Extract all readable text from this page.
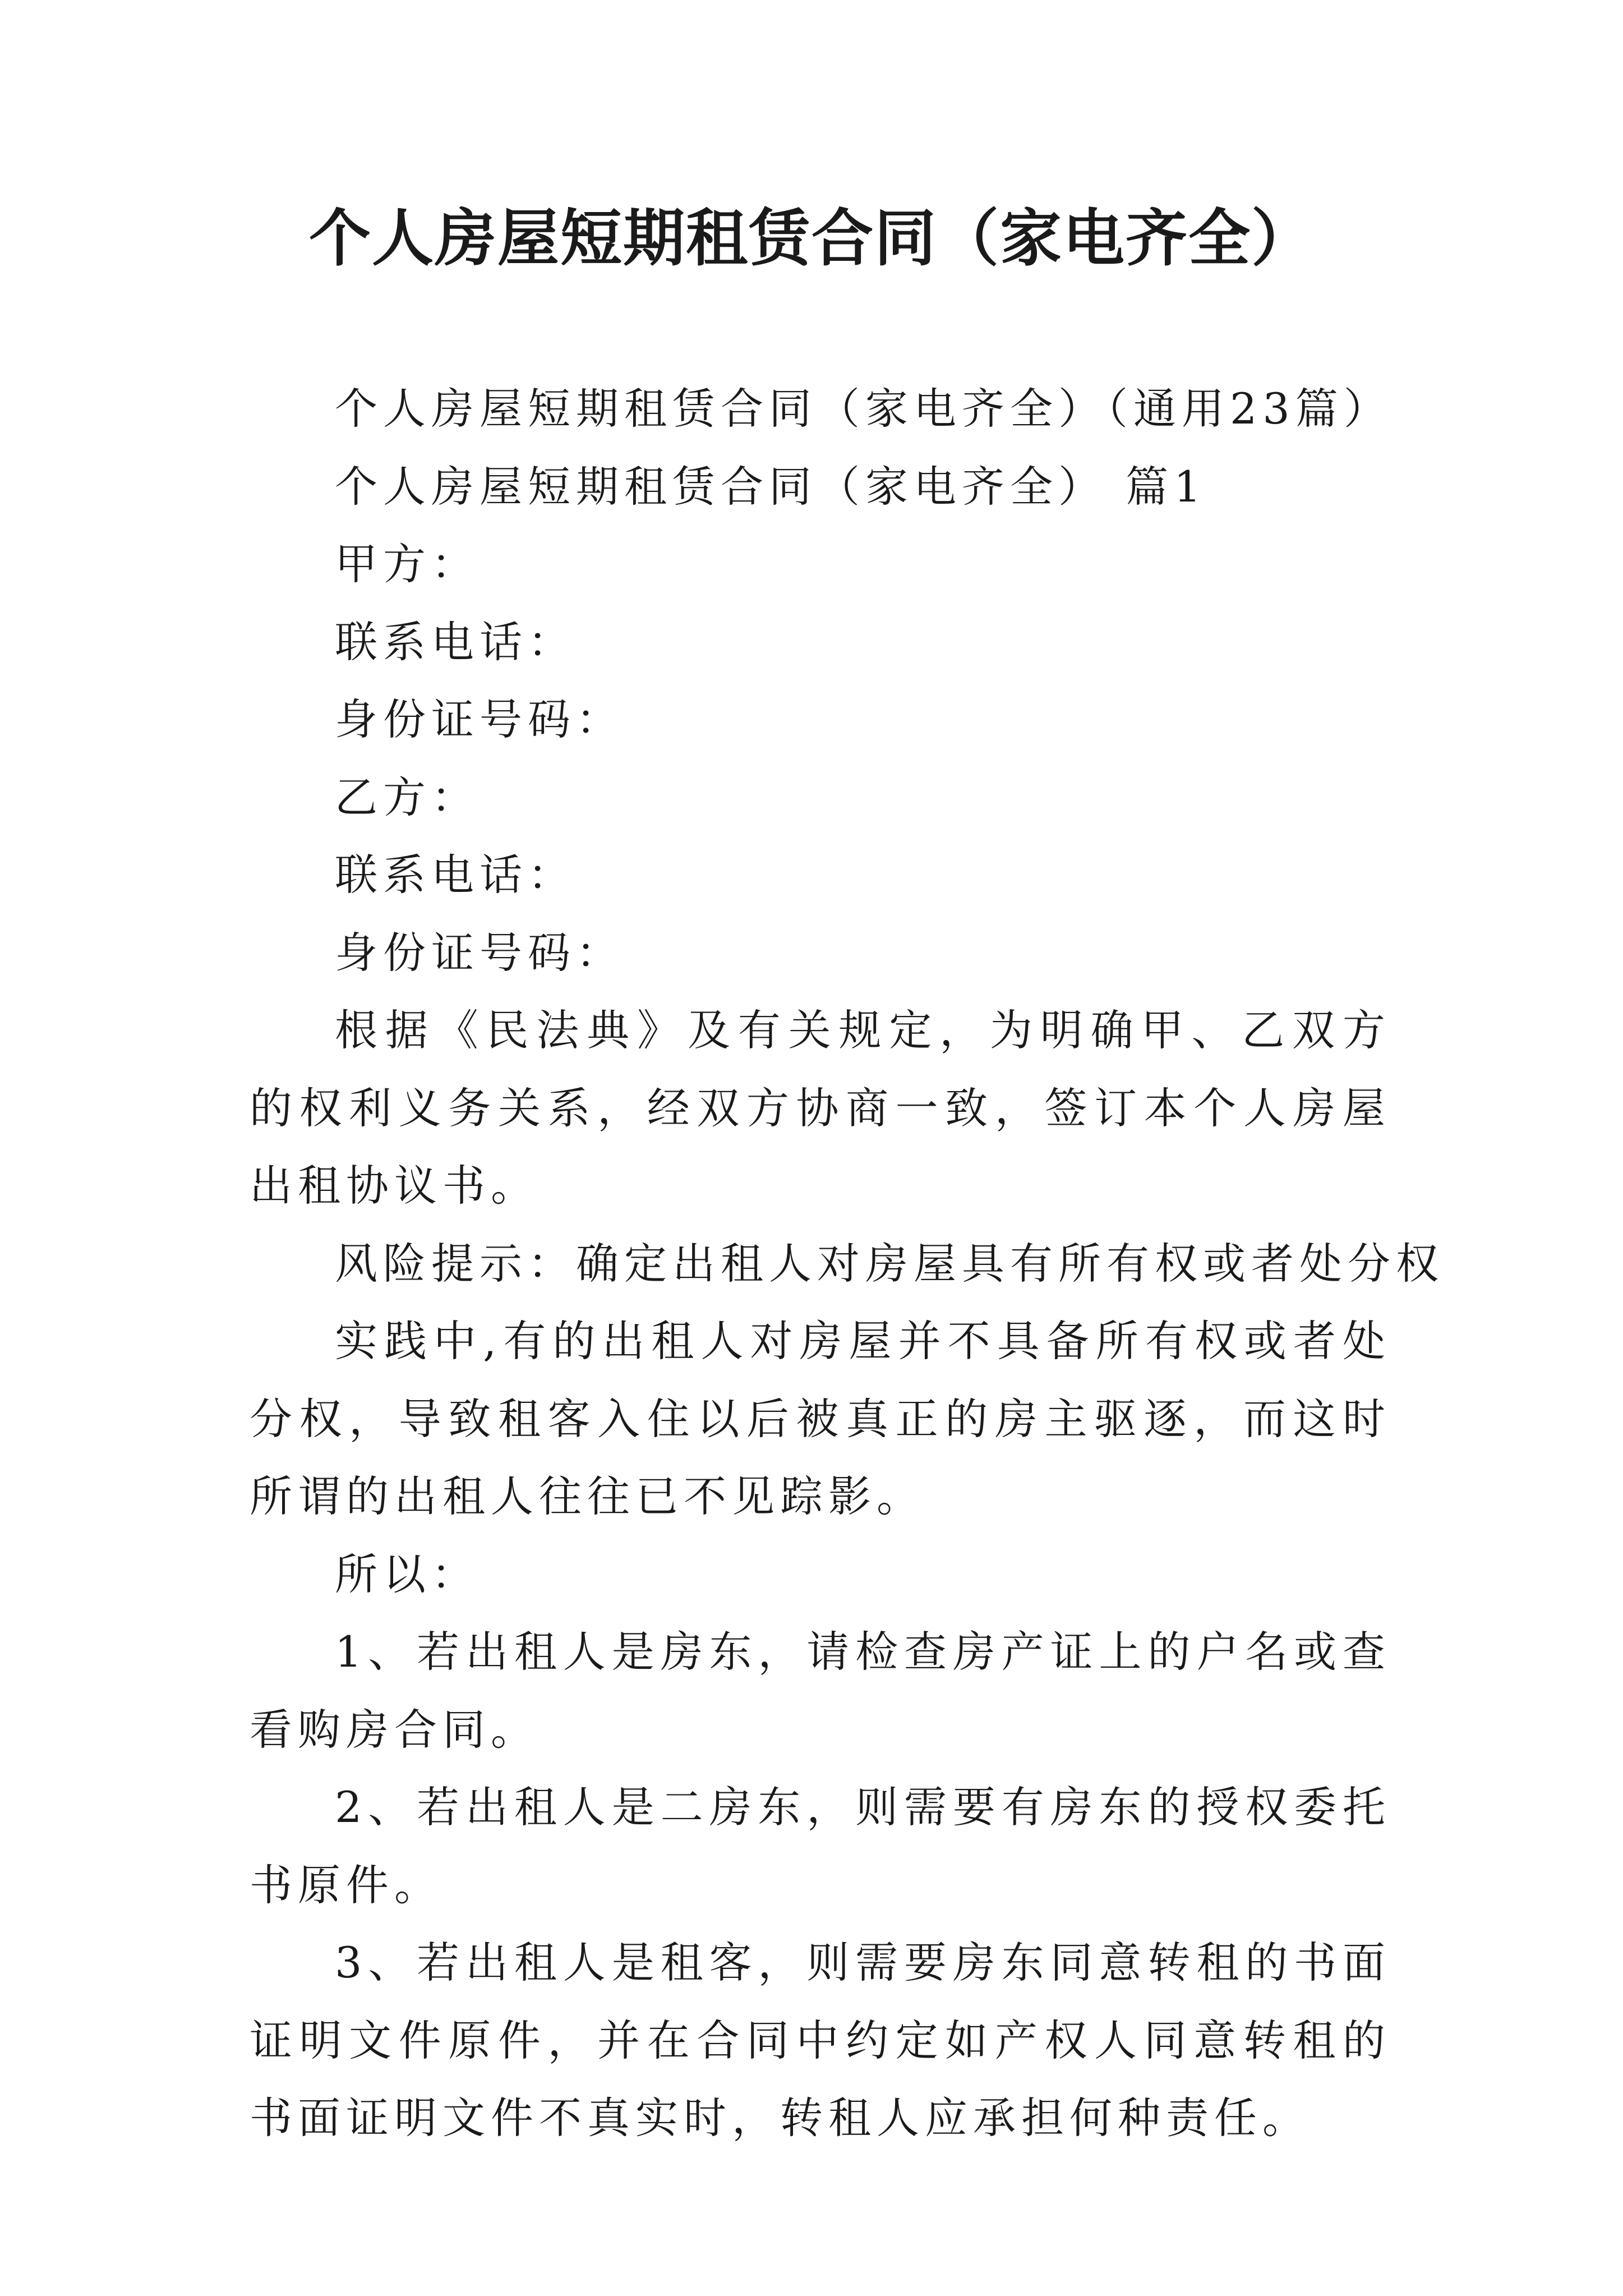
个人房屋短期租赁合同（家电齐全）

个人房屋短期租赁合同（家电齐全）（通用23篇）

个人房屋短期租赁合同（家电齐全） 篇1

甲方：

联系电话：

身份证号码：

乙方：

联系电话：

身份证号码：

根据《民法典》及有关规定，为明确甲、乙双方的权利义务关系，经双方协商一致，签订本个人房屋出租协议书。

风险提示：确定出租人对房屋具有所有权或者处分权

实践中,有的出租人对房屋并不具备所有权或者处分权，导致租客入住以后被真正的房主驱逐，而这时所谓的出租人往往已不见踪影。

所以：

1、若出租人是房东，请检查房产证上的户名或查看购房合同。

2、若出租人是二房东，则需要有房东的授权委托书原件。

3、若出租人是租客，则需要房东同意转租的书面证明文件原件，并在合同中约定如产权人同意转租的书面证明文件不真实时，转租人应承担何种责任。
